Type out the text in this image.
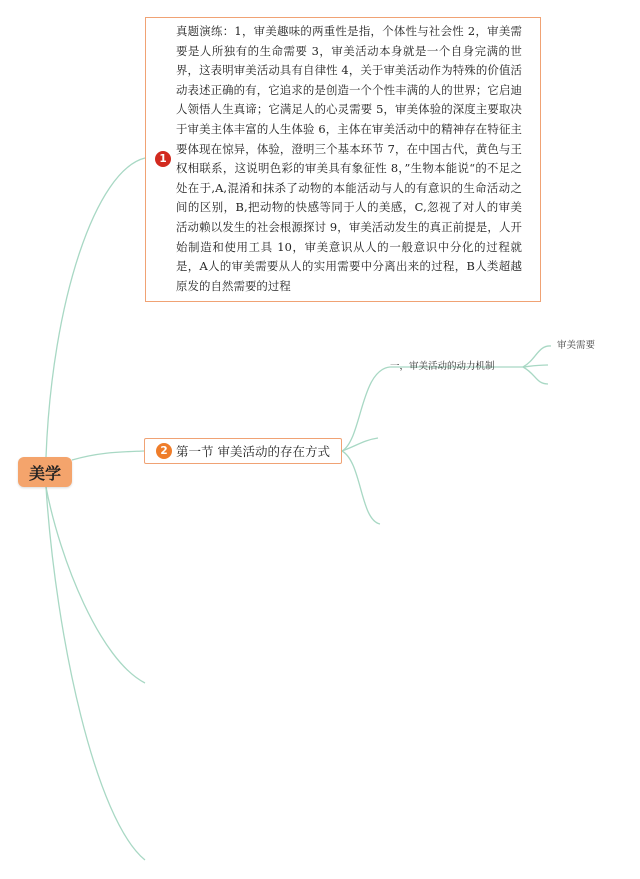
真题演练：1，审美趣味的两重性是指，个体性与社会性 2，审美需要是人所独有的生命需要 3，审美活动本身就是一个自身完满的世界，这表明审美活动具有自律性 4，关于审美活动作为特殊的价值活动表述正确的有，它追求的是创造一个个性丰满的人的世界；它启迪人领悟人生真谛；它满足人的心灵需要 5，审美体验的深度主要取决于审美主体丰富的人生体验 6，主体在审美活动中的精神存在特征主要体现在惊异，体验，澄明三个基本环节 7，在中国古代，黄色与王权相联系，这说明色彩的审美具有象征性 8，”生物本能说“的不足之处在于,A,混淆和抹杀了动物的本能活动与人的有意识的生命活动之间的区别，B,把动物的快感等同于人的美感，C,忽视了对人的审美活动赖以发生的社会根源探讨 9，审美活动发生的真正前提是，人开始制造和使用工具 10，审美意识从人的一般意识中分化的过程就是，A人的审美需要从人的实用需要中分离出来的过程，B人类超越原发的自然需要的过程
1
美学
2 第一节 审美活动的存在方式
一，审美活动的动力机制
审美需要
